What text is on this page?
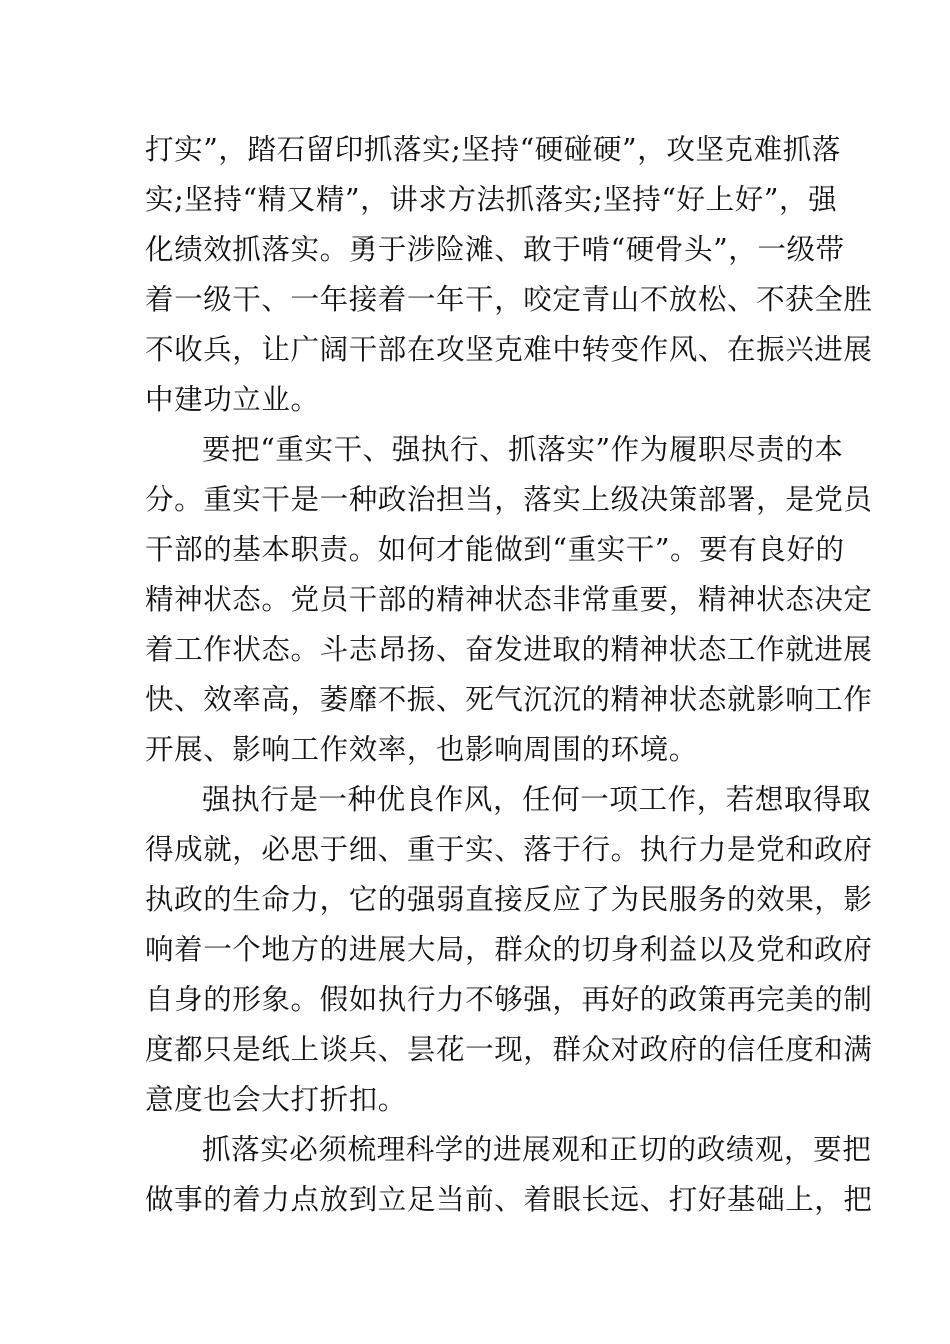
打实”，踏石留印抓落实;坚持“硬碰硬”，攻坚克难抓落
实;坚持“精又精”，讲求方法抓落实;坚持“好上好”，强
化绩效抓落实。勇于涉险滩、敢于啃“硬骨头”，一级带
着一级干、一年接着一年干，咬定青山不放松、不获全胜
不收兵，让广阔干部在攻坚克难中转变作风、在振兴进展
中建功立业。
要把“重实干、强执行、抓落实”作为履职尽责的本
分。重实干是一种政治担当，落实上级决策部署，是党员
干部的基本职责。如何才能做到“重实干”。要有良好的
精神状态。党员干部的精神状态非常重要，精神状态决定
着工作状态。斗志昂扬、奋发进取的精神状态工作就进展
快、效率高，萎靡不振、死气沉沉的精神状态就影响工作
开展、影响工作效率，也影响周围的环境。
强执行是一种优良作风，任何一项工作，若想取得取
得成就，必思于细、重于实、落于行。执行力是党和政府
执政的生命力，它的强弱直接反应了为民服务的效果，影
响着一个地方的进展大局，群众的切身利益以及党和政府
自身的形象。假如执行力不够强，再好的政策再完美的制
度都只是纸上谈兵、昙花一现，群众对政府的信任度和满
意度也会大打折扣。
抓落实必须梳理科学的进展观和正切的政绩观，要把
做事的着力点放到立足当前、着眼长远、打好基础上，把
